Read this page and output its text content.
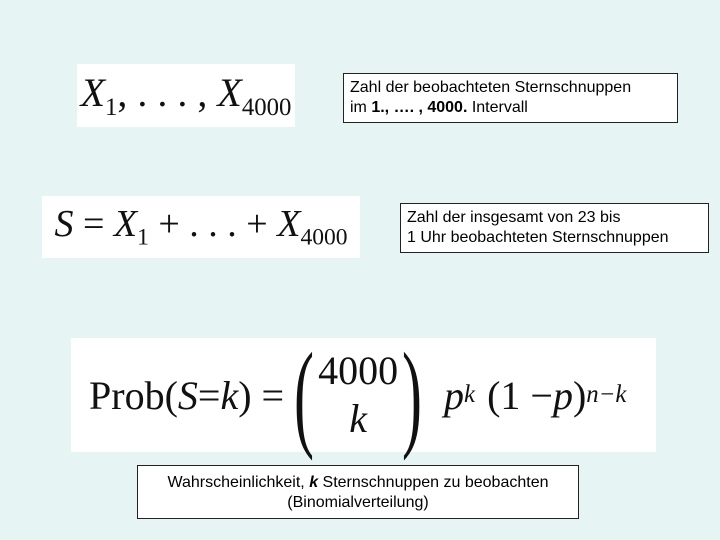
$X_1$, . . . , $X_{4000}$
Zahl der beobachteten Sternschnuppen
im 1., …. , 4000. Intervall
$S = X_1$ + . . . + $X_{4000}$
Zahl der insgesamt von 23 bis
1 Uhr beobachteten Sternschnuppen
Prob( S = k ) = ( 4000
k ) p k (1 − p ) n−k
Wahrscheinlichkeit, k Sternschnuppen zu beobachten
(Binomialverteilung)
